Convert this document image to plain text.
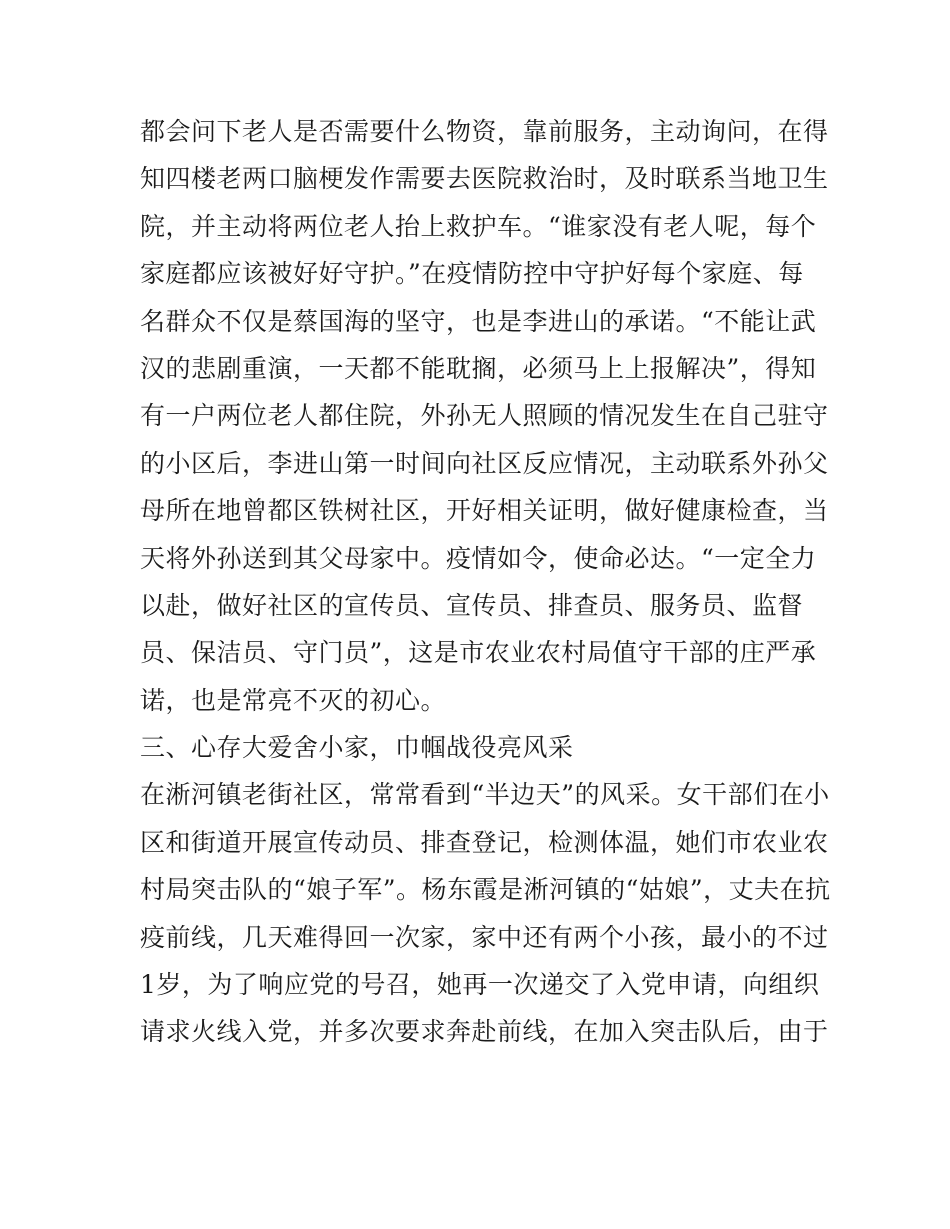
都会问下老人是否需要什么物资，靠前服务，主动询问，在得
知四楼老两口脑梗发作需要去医院救治时，及时联系当地卫生
院，并主动将两位老人抬上救护车。“谁家没有老人呢，每个
家庭都应该被好好守护。”在疫情防控中守护好每个家庭、每
名群众不仅是蔡国海的坚守，也是李进山的承诺。“不能让武
汉的悲剧重演，一天都不能耽搁，必须马上上报解决”，得知
有一户两位老人都住院，外孙无人照顾的情况发生在自己驻守
的小区后，李进山第一时间向社区反应情况，主动联系外孙父
母所在地曾都区铁树社区，开好相关证明，做好健康检查，当
天将外孙送到其父母家中。疫情如令，使命必达。“一定全力
以赴，做好社区的宣传员、宣传员、排查员、服务员、监督
员、保洁员、守门员”，这是市农业农村局值守干部的庄严承
诺，也是常亮不灭的初心。
三、心存大爱舍小家，巾帼战役亮风采
在淅河镇老街社区，常常看到“半边天”的风采。女干部们在小
区和街道开展宣传动员、排查登记，检测体温，她们市农业农
村局突击队的“娘子军”。杨东霞是淅河镇的“姑娘”，丈夫在抗
疫前线，几天难得回一次家，家中还有两个小孩，最小的不过
1岁，为了响应党的号召，她再一次递交了入党申请，向组织
请求火线入党，并多次要求奔赴前线，在加入突击队后，由于
